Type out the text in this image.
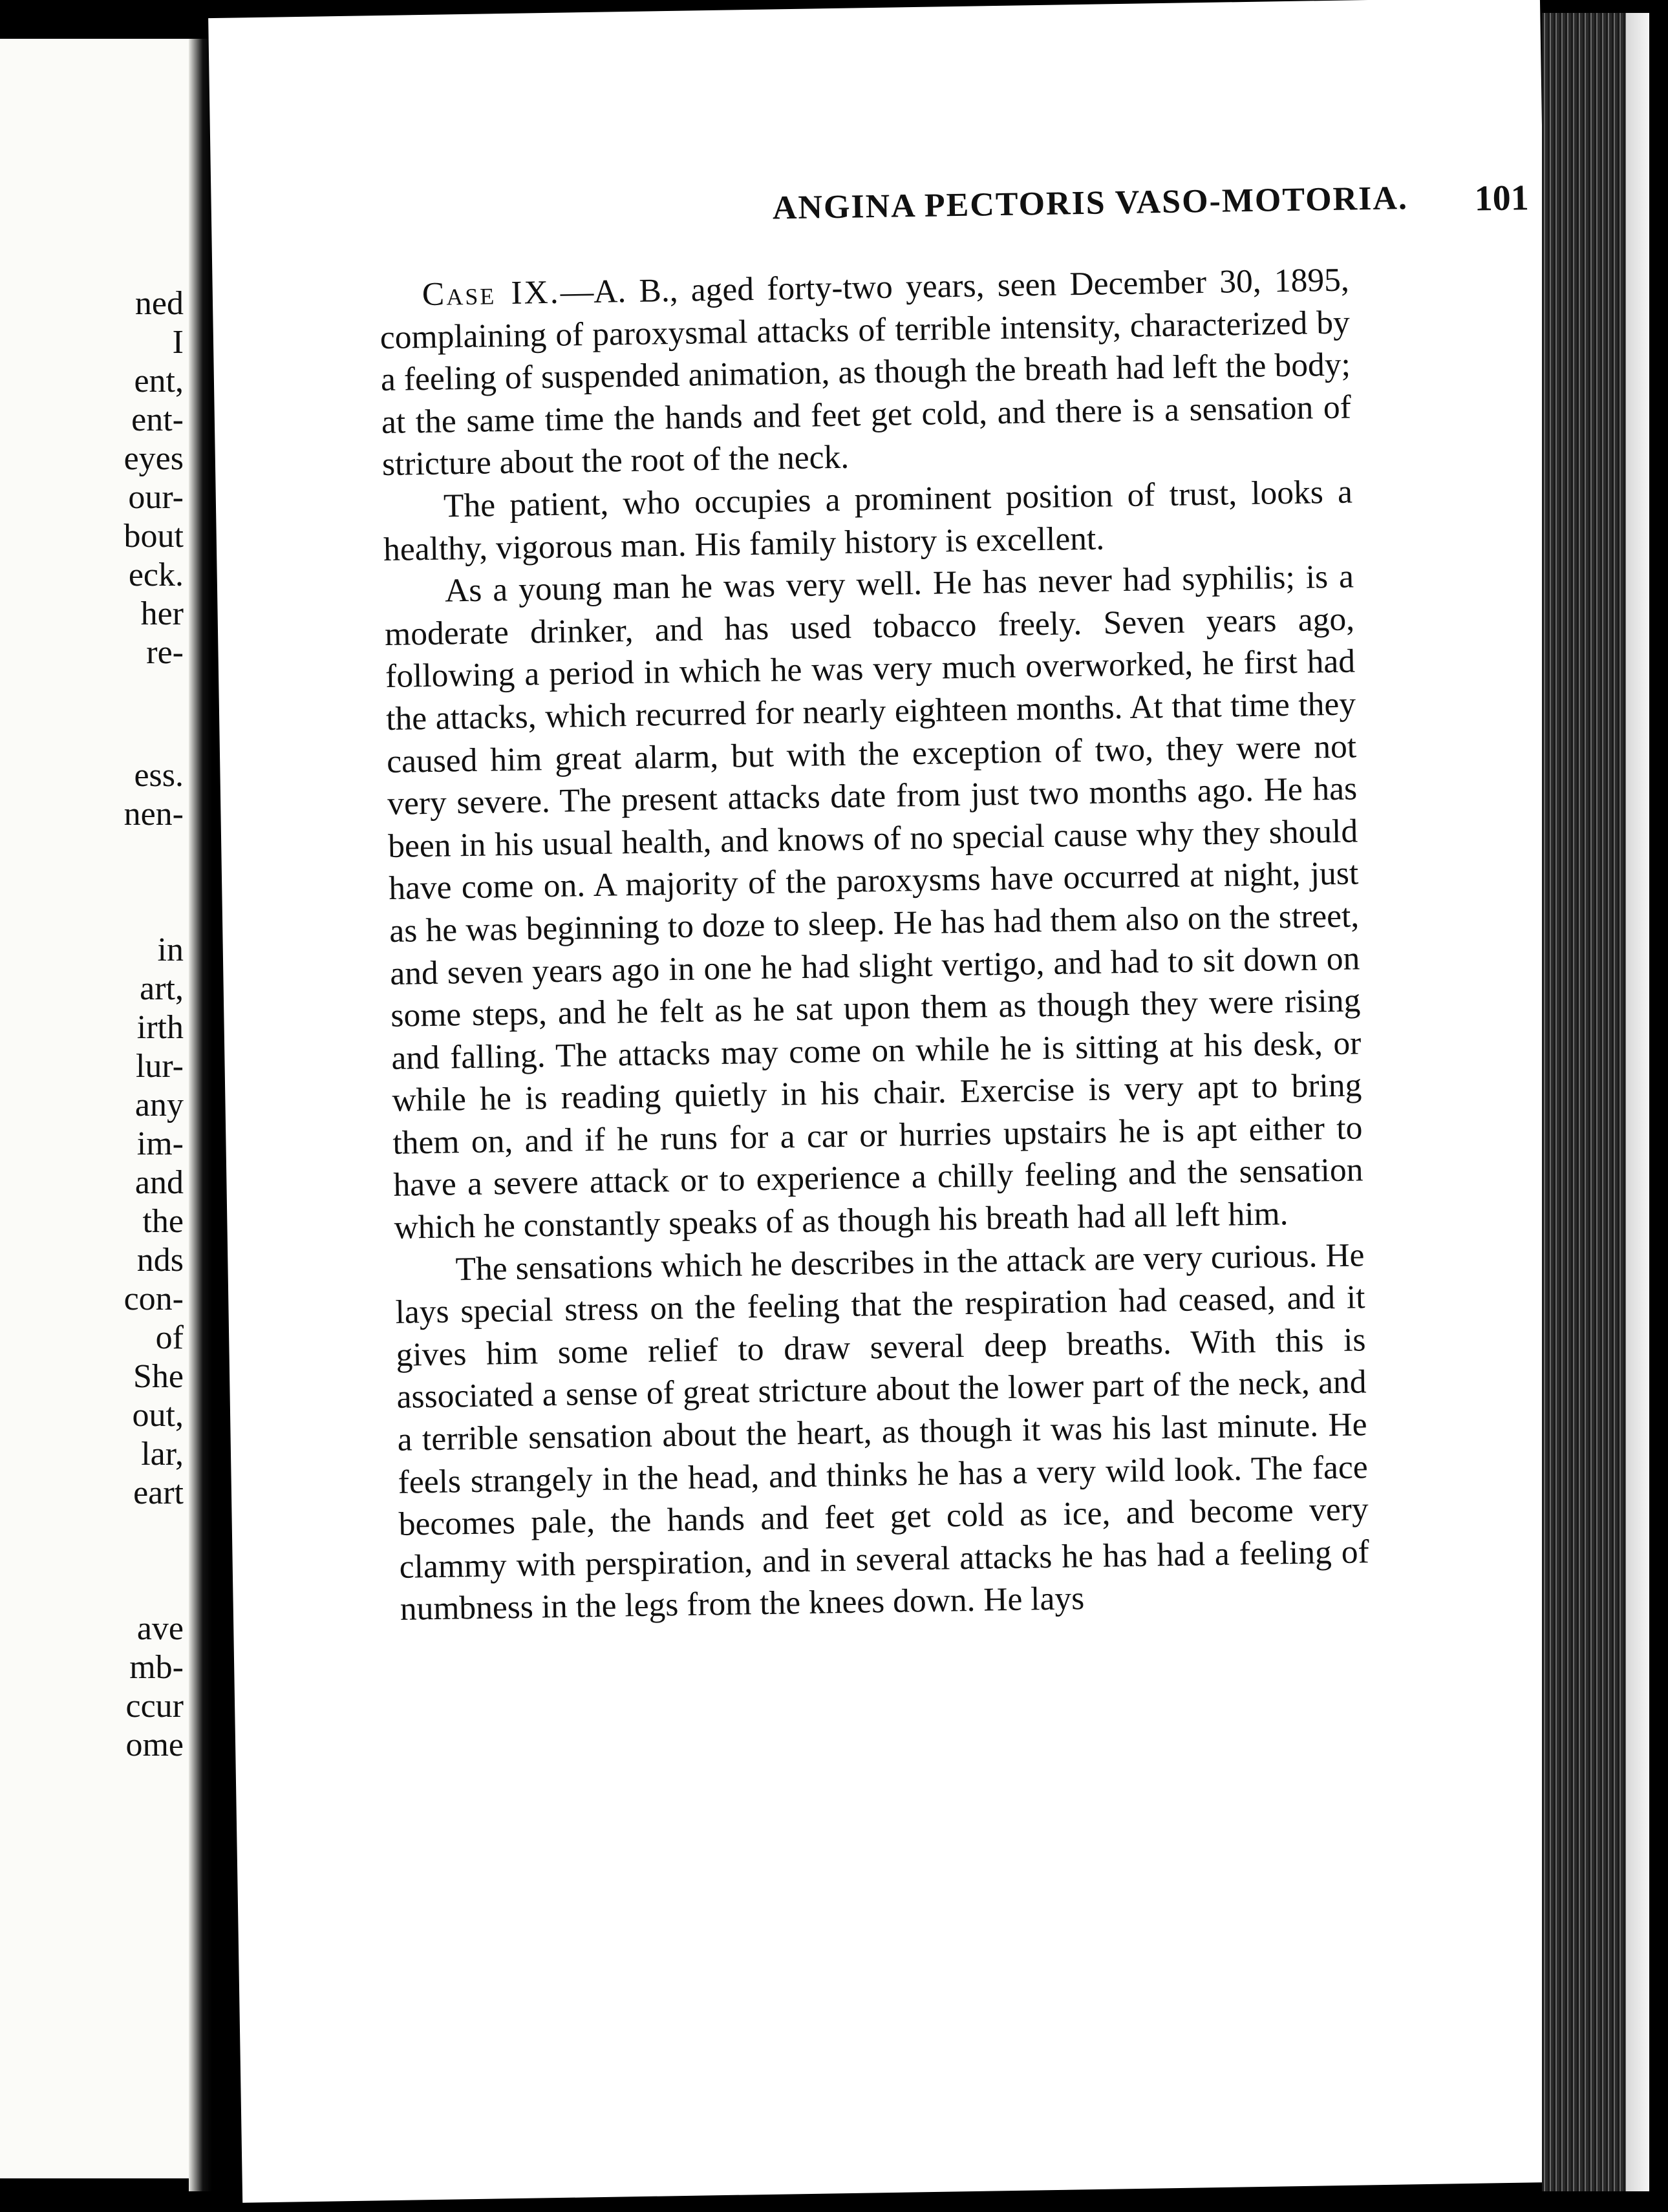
ned
I
ent,
ent-
eyes
our-
bout
eck.
her
re-
ess.
nen-
in
art,
irth
lur-
any
im-
and
the
nds
con-
of
She
out,
lar,
eart
ave
mb-
ccur
ome
ANGINA PECTORIS VASO-MOTORIA. 101

Case IX.—A. B., aged forty-two years, seen December 30, 1895, complaining of paroxysmal attacks of terrible intensity, characterized by a feeling of suspended animation, as though the breath had left the body; at the same time the hands and feet get cold, and there is a sensation of stricture about the root of the neck.

The patient, who occupies a prominent position of trust, looks a healthy, vigorous man. His family history is excellent.

As a young man he was very well. He has never had syphilis; is a moderate drinker, and has used tobacco freely. Seven years ago, following a period in which he was very much overworked, he first had the attacks, which recurred for nearly eighteen months. At that time they caused him great alarm, but with the exception of two, they were not very severe. The present attacks date from just two months ago. He has been in his usual health, and knows of no special cause why they should have come on. A majority of the paroxysms have occurred at night, just as he was beginning to doze to sleep. He has had them also on the street, and seven years ago in one he had slight vertigo, and had to sit down on some steps, and he felt as he sat upon them as though they were rising and falling. The attacks may come on while he is sitting at his desk, or while he is reading quietly in his chair. Exercise is very apt to bring them on, and if he runs for a car or hurries upstairs he is apt either to have a severe attack or to experience a chilly feeling and the sensation which he constantly speaks of as though his breath had all left him.

The sensations which he describes in the attack are very curious. He lays special stress on the feeling that the respiration had ceased, and it gives him some relief to draw several deep breaths. With this is associated a sense of great stricture about the lower part of the neck, and a terrible sensation about the heart, as though it was his last minute. He feels strangely in the head, and thinks he has a very wild look. The face becomes pale, the hands and feet get cold as ice, and become very clammy with perspiration, and in several attacks he has had a feeling of numbness in the legs from the knees down. He lays
